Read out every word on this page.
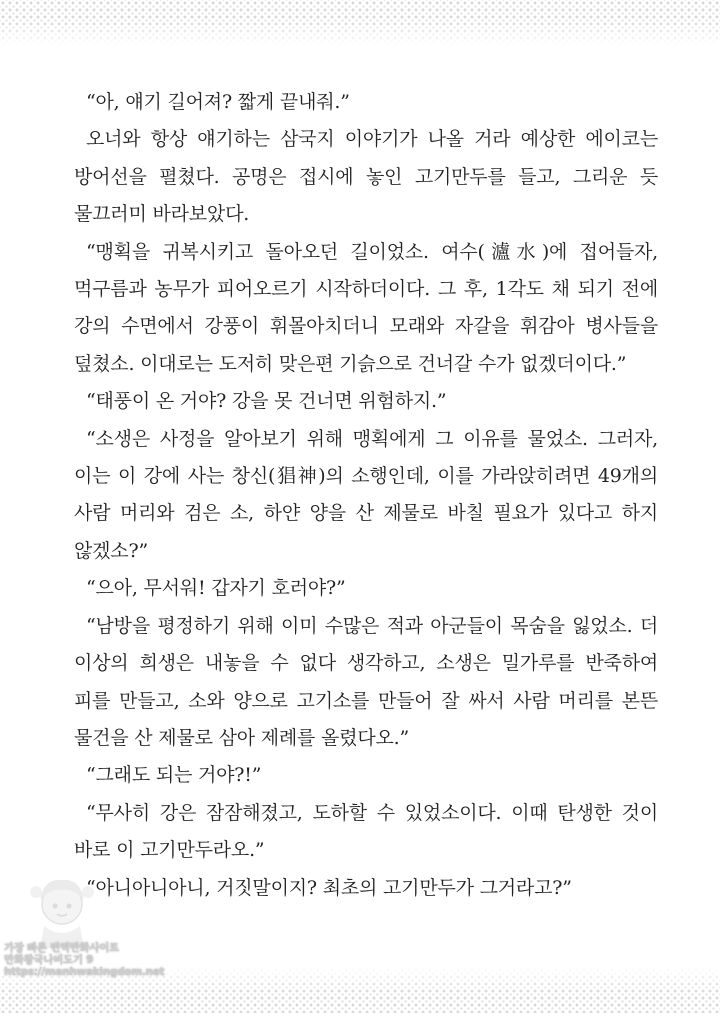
“아, 얘기 길어져? 짧게 끝내줘.”

오너와 항상 얘기하는 삼국지 이야기가 나올 거라 예상한 에이코는 방어선을 펼쳤다. 공명은 접시에 놓인 고기만두를 들고, 그리운 듯 물끄러미 바라보았다.

“맹획을 귀복시키고 돌아오던 길이었소. 여수(瀘水)에 접어들자, 먹구름과 농무가 피어오르기 시작하더이다. 그 후, 1각도 채 되기 전에 강의 수면에서 강풍이 휘몰아치더니 모래와 자갈을 휘감아 병사들을 덮쳤소. 이대로는 도저히 맞은편 기슭으로 건너갈 수가 없겠더이다.”

“태풍이 온 거야? 강을 못 건너면 위험하지.”

“소생은 사정을 알아보기 위해 맹획에게 그 이유를 물었소. 그러자, 이는 이 강에 사는 창신(猖神)의 소행인데, 이를 가라앉히려면 49개의 사람 머리와 검은 소, 하얀 양을 산 제물로 바칠 필요가 있다고 하지 않겠소?”

“으아, 무서워! 갑자기 호러야?”

“남방을 평정하기 위해 이미 수많은 적과 아군들이 목숨을 잃었소. 더 이상의 희생은 내놓을 수 없다 생각하고, 소생은 밀가루를 반죽하여 피를 만들고, 소와 양으로 고기소를 만들어 잘 싸서 사람 머리를 본뜬 물건을 산 제물로 삼아 제례를 올렸다오.”

“그래도 되는 거야?!”

“무사히 강은 잠잠해졌고, 도하할 수 있었소이다. 이때 탄생한 것이 바로 이 고기만두라오.”

“아니아니아니, 거짓말이지? 최초의 고기만두가 그거라고?”

가장 빠른 번역만화사이트
만화왕국나비도기 9
https://manhwakingdom.net
